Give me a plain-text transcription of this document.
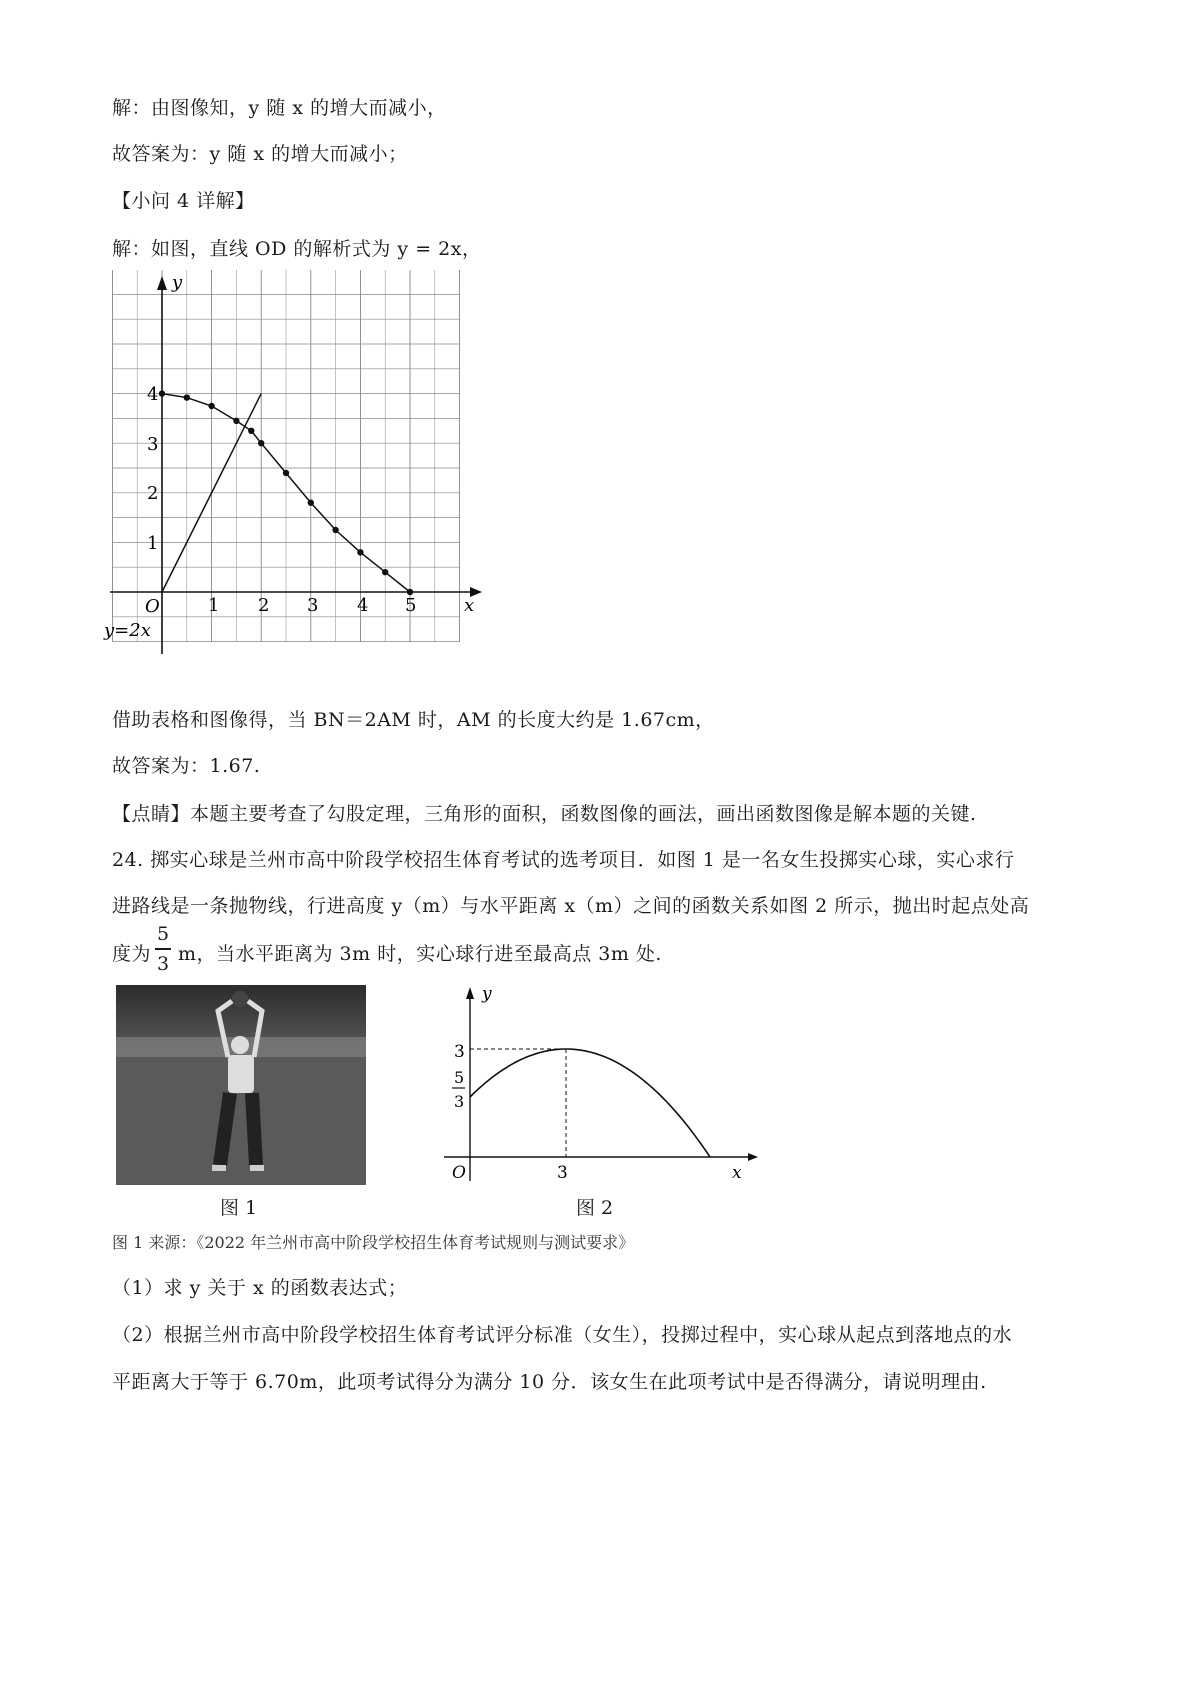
解：由图像知，y 随 x 的增大而减小，
故答案为：y 随 x 的增大而减小；
【小问 4 详解】
解：如图，直线 OD 的解析式为 y = 2x，
y
x
O	1 2 3 4 5
1
2
3
4
y=2x
借助表格和图像得，当 BN＝2AM 时，AM 的长度大约是 1.67cm，
故答案为：1.67.
【点睛】本题主要考查了勾股定理，三角形的面积，函数图像的画法，画出函数图像是解本题的关键.
24. 掷实心球是兰州市高中阶段学校招生体育考试的选考项目．如图 1 是一名女生投掷实心球，实心求行
进路线是一条抛物线，行进高度 y（m）与水平距离 x（m）之间的函数关系如图 2 所示，抛出时起点处高
度为
5
3 m，当水平距离为 3m 时，实心球行进至最高点 3m 处.
图 1
y
x
O	3
3
5
3
图 2
图 1 来源：《2022 年兰州市高中阶段学校招生体育考试规则与测试要求》
（1）求 y 关于 x 的函数表达式；
（2）根据兰州市高中阶段学校招生体育考试评分标准（女生），投掷过程中，实心球从起点到落地点的水
平距离大于等于 6.70m，此项考试得分为满分 10 分．该女生在此项考试中是否得满分，请说明理由.
